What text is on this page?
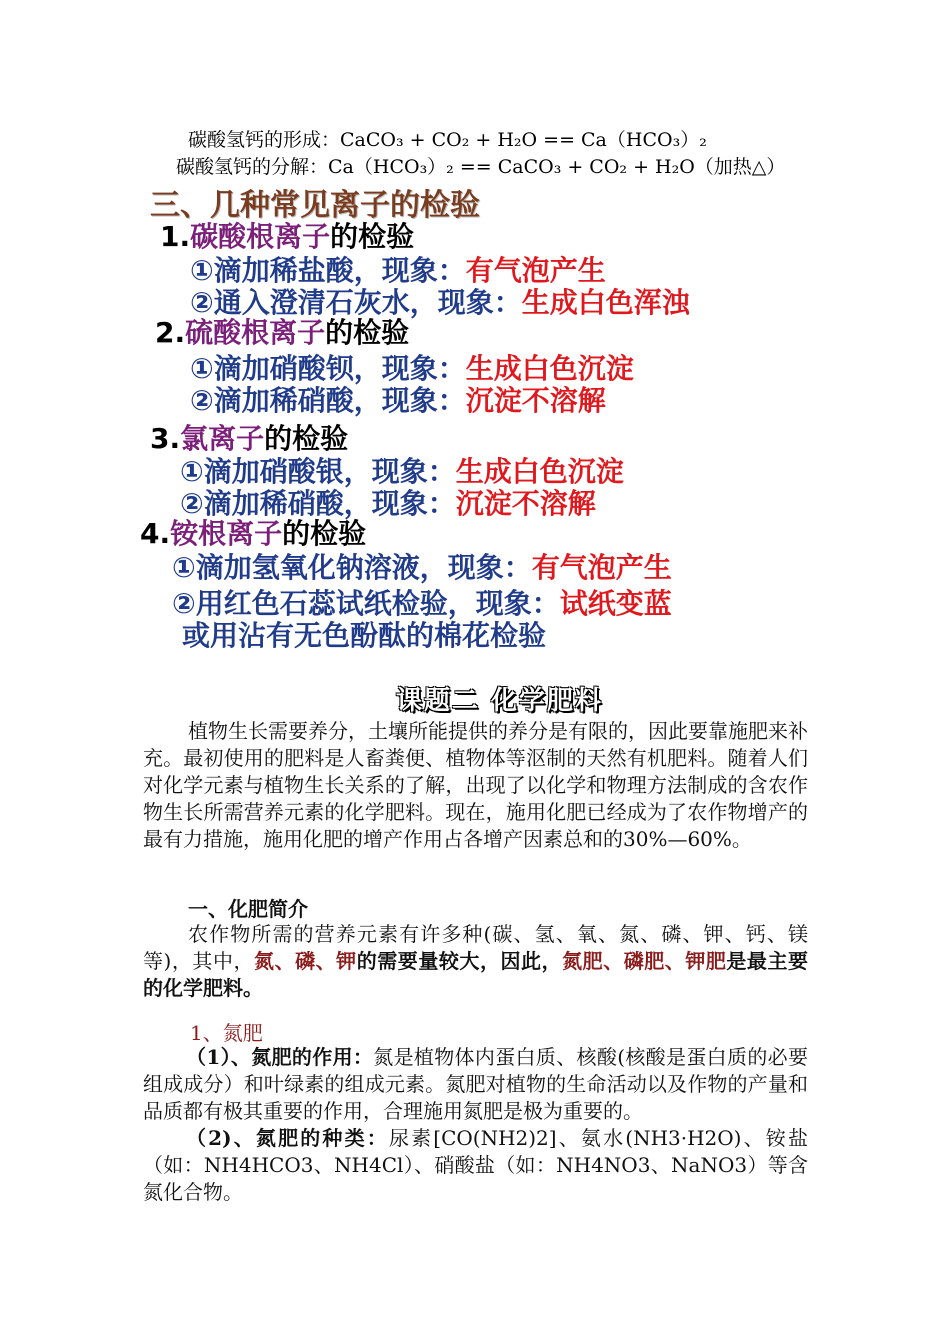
碳酸氢钙的形成：CaCO₃ + CO₂ + H₂O == Ca（HCO₃）₂
碳酸氢钙的分解：Ca（HCO₃）₂ == CaCO₃ + CO₂ + H₂O（加热△）
三、几种常见离子的检验
1.碳酸根离子的检验
①滴加稀盐酸，现象：有气泡产生
②通入澄清石灰水，现象：生成白色浑浊
2.硫酸根离子的检验
①滴加硝酸钡，现象：生成白色沉淀
②滴加稀硝酸，现象：沉淀不溶解
3.氯离子的检验
①滴加硝酸银，现象：生成白色沉淀
②滴加稀硝酸，现象：沉淀不溶解
4.铵根离子的检验
①滴加氢氧化钠溶液，现象：有气泡产生
②用红色石蕊试纸检验，现象：试纸变蓝
或用沾有无色酚酞的棉花检验
课题二 化学肥料

植物生长需要养分，土壤所能提供的养分是有限的，因此要靠施肥来补充。最初使用的肥料是人畜粪便、植物体等沤制的天然有机肥料。随着人们对化学元素与植物生长关系的了解，出现了以化学和物理方法制成的含农作物生长所需营养元素的化学肥料。现在，施用化肥已经成为了农作物增产的最有力措施，施用化肥的增产作用占各增产因素总和的30%—60%。

一、化肥简介

农作物所需的营养元素有许多种(碳、氢、氧、氮、磷、钾、钙、镁等)，其中，氮、磷、钾的需要量较大，因此，氮肥、磷肥、钾肥是最主要的化学肥料。

1、氮肥

（1）、氮肥的作用：氮是植物体内蛋白质、核酸(核酸是蛋白质的必要组成成分）和叶绿素的组成元素。氮肥对植物的生命活动以及作物的产量和品质都有极其重要的作用，合理施用氮肥是极为重要的。

（2)、氮肥的种类：尿素[CO(NH2)2]、氨水(NH3·H2O)、铵盐（如：NH4HCO3、NH4Cl）、硝酸盐（如：NH4NO3、NaNO3）等含氮化合物。
